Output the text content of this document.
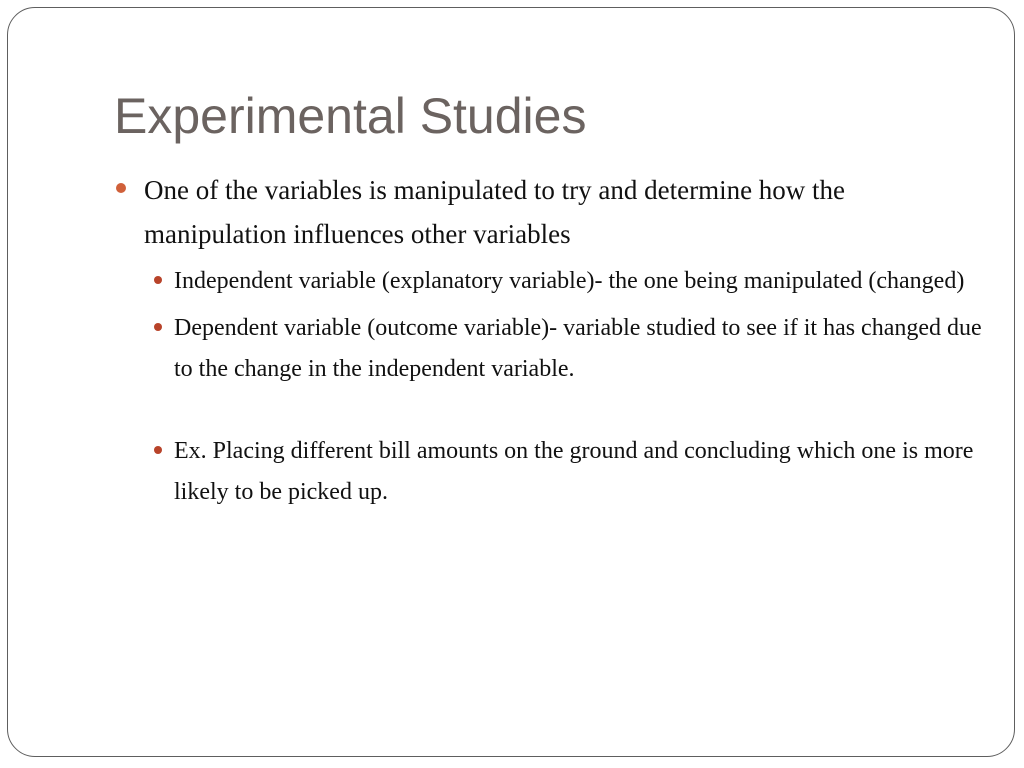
Experimental Studies
One of the variables is manipulated to try and determine how the manipulation influences other variables
Independent variable (explanatory variable)- the one being manipulated (changed)
Dependent variable (outcome variable)- variable studied to see if it has changed due to the change in the independent variable.
Ex. Placing different bill amounts on the ground and concluding which one is more likely to be picked up.
